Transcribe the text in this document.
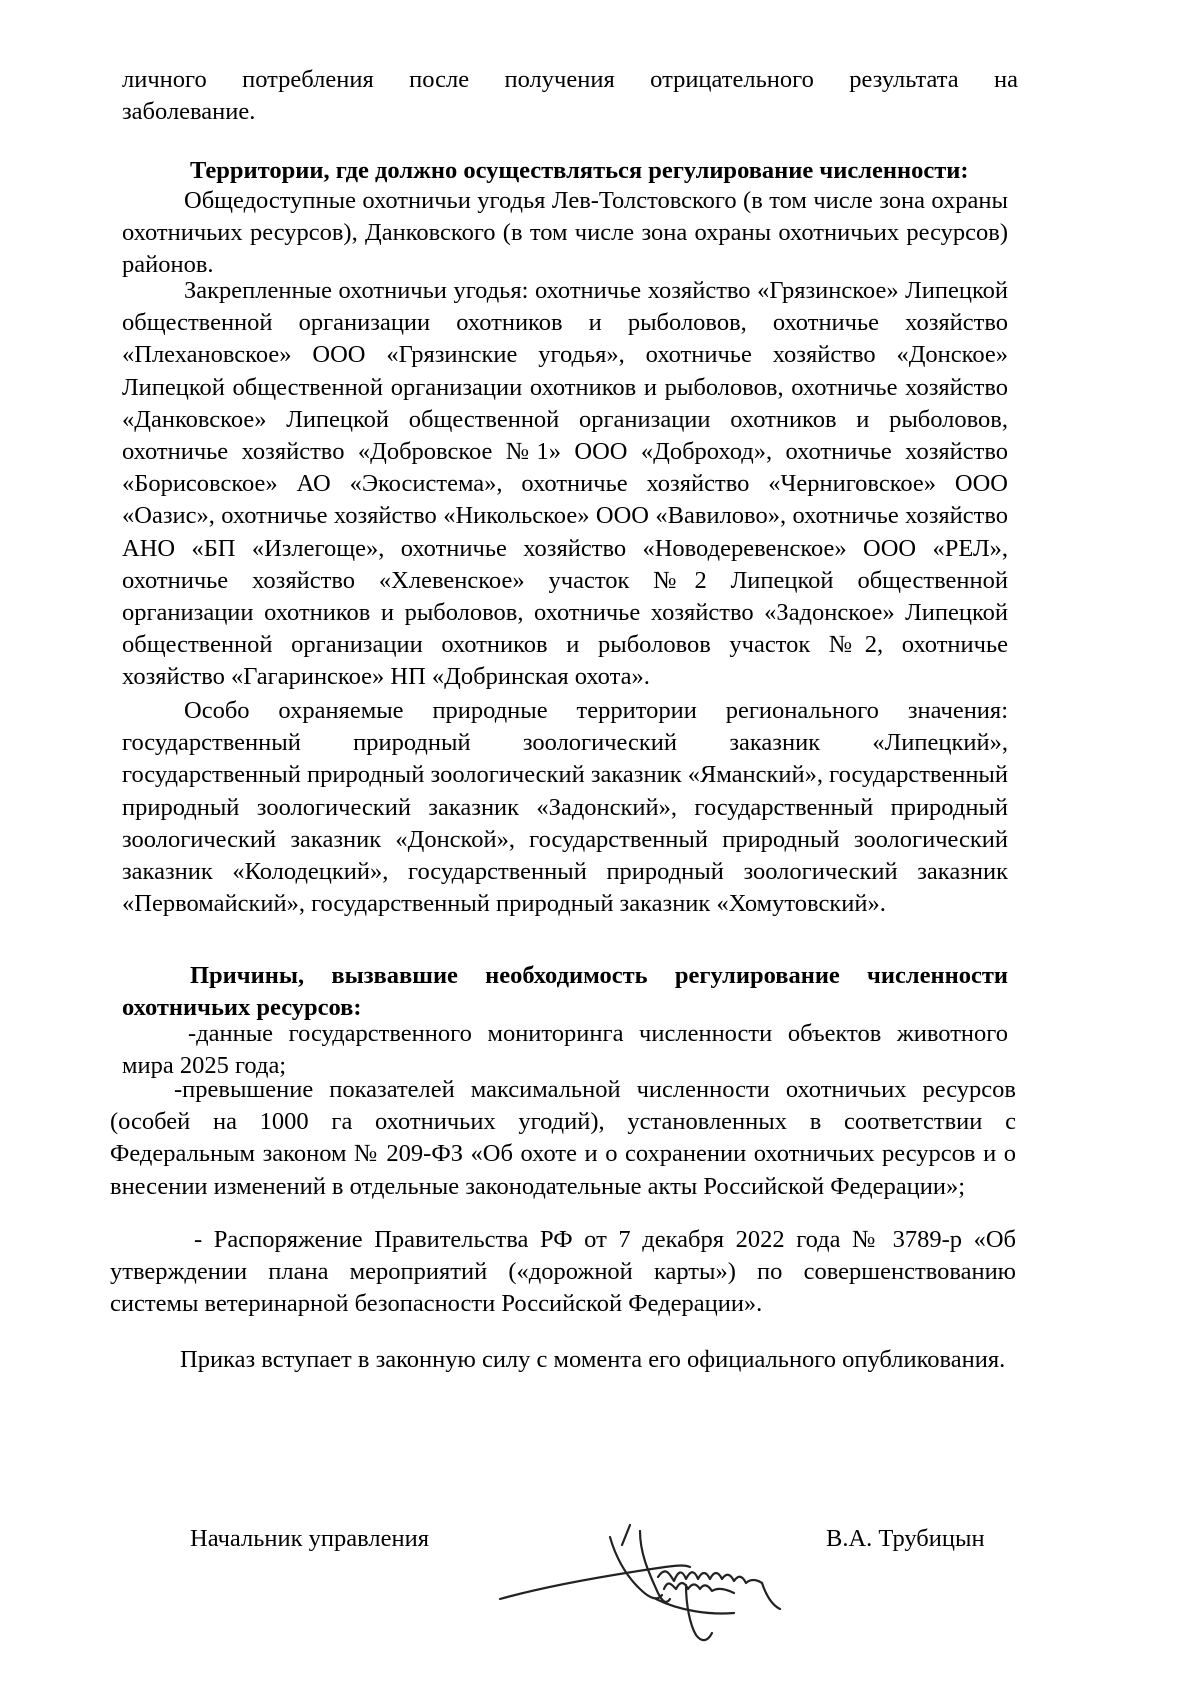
личного потребления после получения отрицательного результата на
заболевание.

Территории, где должно осуществляться регулирование численности:

Общедоступные охотничьи угодья Лев-Толстовского (в том числе зона охраны охотничьих ресурсов), Данковского (в том числе зона охраны охотничьих ресурсов) районов.

Закрепленные охотничьи угодья: охотничье хозяйство «Грязинское» Липецкой общественной организации охотников и рыболовов, охотничье хозяйство «Плехановское» ООО «Грязинские угодья», охотничье хозяйство «Донское» Липецкой общественной организации охотников и рыболовов, охотничье хозяйство «Данковское» Липецкой общественной организации охотников и рыболовов, охотничье хозяйство «Добровское №1» ООО «Доброход», охотничье хозяйство «Борисовское» АО «Экосистема», охотничье хозяйство «Черниговское» ООО «Оазис», охотничье хозяйство «Никольское» ООО «Вавилово», охотничье хозяйство АНО «БП «Излегоще», охотничье хозяйство «Новодеревенское» ООО «РЕЛ», охотничье хозяйство «Хлевенское» участок №2 Липецкой общественной организации охотников и рыболовов, охотничье хозяйство «Задонское» Липецкой общественной организации охотников и рыболовов участок №2, охотничье хозяйство «Гагаринское» НП «Добринская охота».

Особо охраняемые природные территории регионального значения: государственный природный зоологический заказник «Липецкий», государственный природный зоологический заказник «Яманский», государственный природный зоологический заказник «Задонский», государственный природный зоологический заказник «Донской», государственный природный зоологический заказник «Колодецкий», государственный природный зоологический заказник «Первомайский», государственный природный заказник «Хомутовский».

Причины, вызвавшие необходимость регулирование численности
охотничьих ресурсов:

-данные государственного мониторинга численности объектов животного мира 2025 года;

-превышение показателей максимальной численности охотничьих ресурсов (особей на 1000 га охотничьих угодий), установленных в соответствии с Федеральным законом № 209-ФЗ «Об охоте и о сохранении охотничьих ресурсов и о внесении изменений в отдельные законодательные акты Российской Федерации»;

- Распоряжение Правительства РФ от 7 декабря 2022 года № 3789-р «Об утверждении плана мероприятий («дорожной карты») по совершенствованию системы ветеринарной безопасности Российской Федерации».

Приказ вступает в законную силу с момента его официального опубликования.

Начальник управления	В.А. Трубицын
